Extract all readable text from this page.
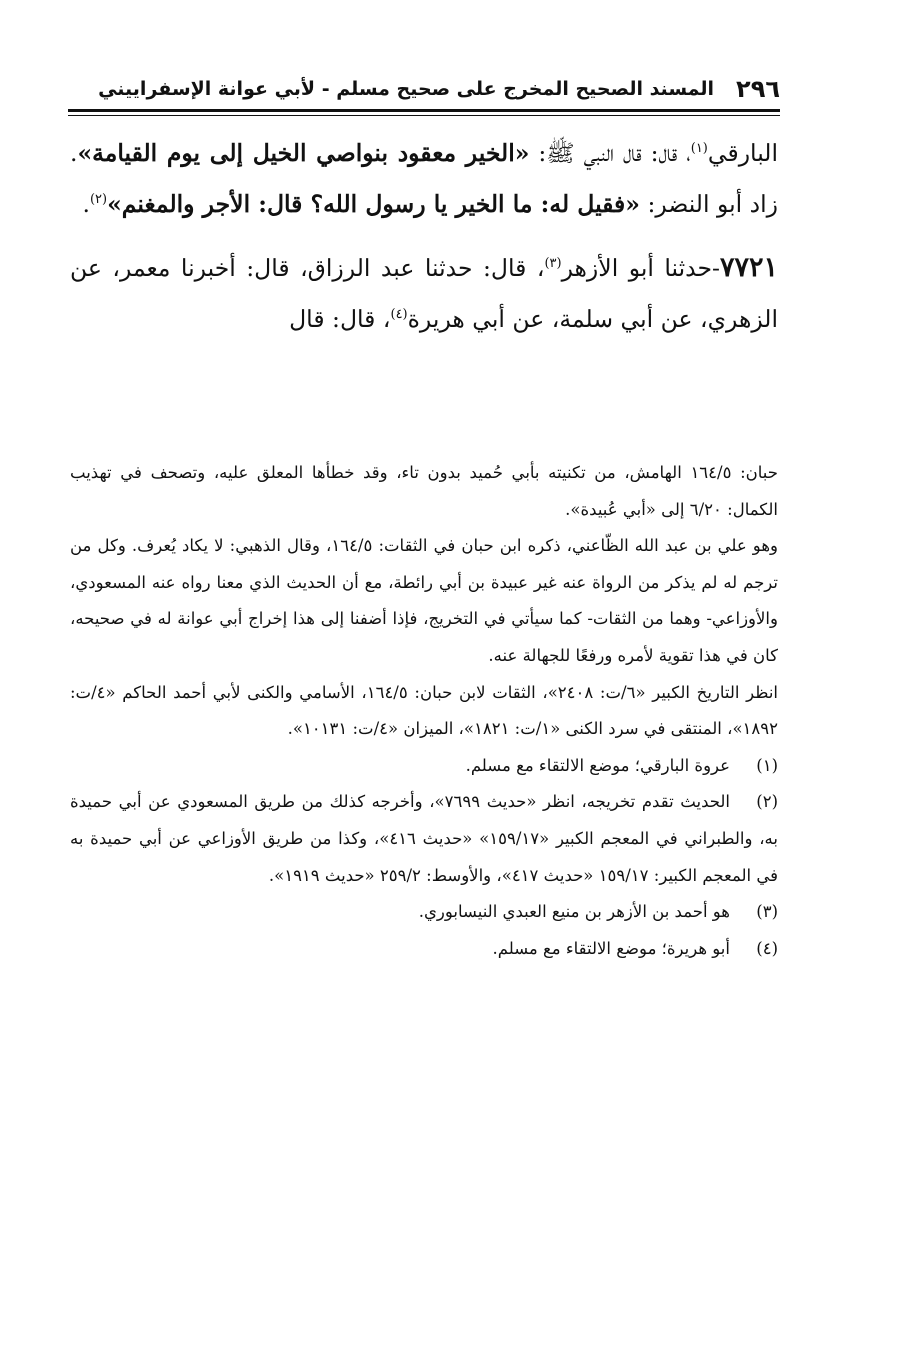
٢٩٦
المسند الصحيح المخرج على صحيح مسلم - لأبي عوانة الإسفراييني

البارقي$^{(١)}$، قال: قال النبي ﷺ: «الخير معقود بنواصي الخيل إلى يوم القيامة». زاد أبو النضر: «فقيل له: ما الخير يا رسول الله؟ قال: الأجر والمغنم»$^{(٢)}$.

٧٧٢١-حدثنا أبو الأزهر$^{(٣)}$، قال: حدثنا عبد الرزاق، قال: أخبرنا معمر، عن الزهري، عن أبي سلمة، عن أبي هريرة$^{(٤)}$، قال: قال

حبان: ١٦٤/٥ الهامش، من تكنيته بأبي حُميد بدون تاء، وقد خطأها المعلق عليه، وتصحف في تهذيب الكمال: ٦/٢٠ إلى «أبي عُبيدة».

وهو علي بن عبد الله الظّاعني، ذكره ابن حبان في الثقات: ١٦٤/٥، وقال الذهبي: لا يكاد يُعرف. وكل من ترجم له لم يذكر من الرواة عنه غير عبيدة بن أبي رائطة، مع أن الحديث الذي معنا رواه عنه المسعودي، والأوزاعي- وهما من الثقات- كما سيأتي في التخريج، فإذا أضفنا إلى هذا إخراج أبي عوانة له في صحيحه، كان في هذا تقوية لأمره ورفعًا للجهالة عنه.

انظر التاريخ الكبير «٦/ت: ٢٤٠٨»، الثقات لابن حبان: ١٦٤/٥، الأسامي والكنى لأبي أحمد الحاكم «٤/ت: ١٨٩٢»، المنتقى في سرد الكنى «١/ت: ١٨٢١»، الميزان «٤/ت: ١٠١٣١».

(١)عروة البارقي؛ موضع الالتقاء مع مسلم.

(٢)الحديث تقدم تخريجه، انظر «حديث ٧٦٩٩»، وأخرجه كذلك من طريق المسعودي عن أبي حميدة به، والطبراني في المعجم الكبير «١٥٩/١٧» «حديث ٤١٦»، وكذا من طريق الأوزاعي عن أبي حميدة به في المعجم الكبير: ١٥٩/١٧ «حديث ٤١٧»، والأوسط: ٢٥٩/٢ «حديث ١٩١٩».

(٣)هو أحمد بن الأزهر بن منيع العبدي النيسابوري.

(٤)أبو هريرة؛ موضع الالتقاء مع مسلم.
